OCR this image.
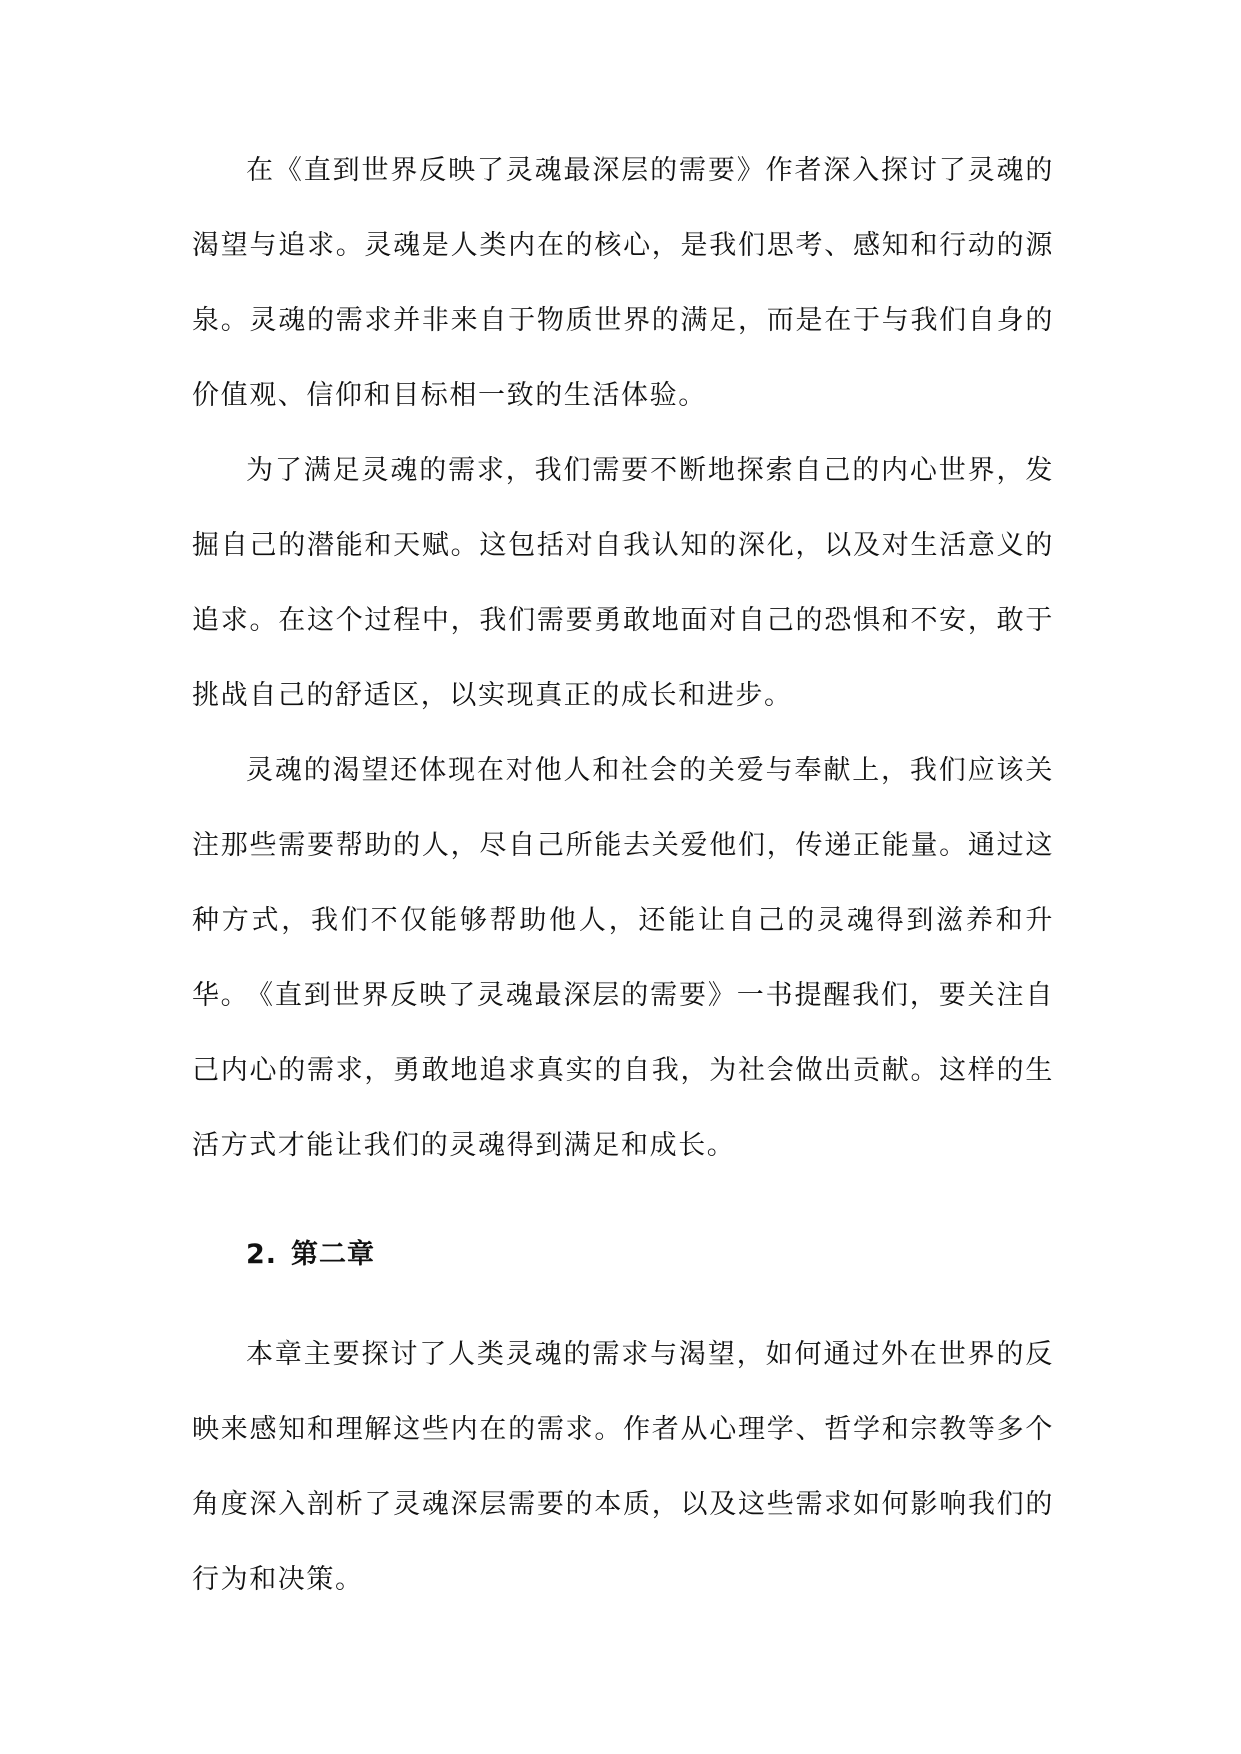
在《直到世界反映了灵魂最深层的需要》作者深入探讨了灵魂的渴望与追求。灵魂是人类内在的核心，是我们思考、感知和行动的源泉。灵魂的需求并非来自于物质世界的满足，而是在于与我们自身的价值观、信仰和目标相一致的生活体验。

为了满足灵魂的需求，我们需要不断地探索自己的内心世界，发掘自己的潜能和天赋。这包括对自我认知的深化，以及对生活意义的追求。在这个过程中，我们需要勇敢地面对自己的恐惧和不安，敢于挑战自己的舒适区，以实现真正的成长和进步。

灵魂的渴望还体现在对他人和社会的关爱与奉献上，我们应该关注那些需要帮助的人，尽自己所能去关爱他们，传递正能量。通过这种方式，我们不仅能够帮助他人，还能让自己的灵魂得到滋养和升华。

《直到世界反映了灵魂最深层的需要》一书提醒我们，要关注自己内心的需求，勇敢地追求真实的自我，为社会做出贡献。这样的生活方式才能让我们的灵魂得到满足和成长。

2. 第二章

本章主要探讨了人类灵魂的需求与渴望，如何通过外在世界的反映来感知和理解这些内在的需求。作者从心理学、哲学和宗教等多个角度深入剖析了灵魂深层需要的本质，以及这些需求如何影响我们的行为和决策。
